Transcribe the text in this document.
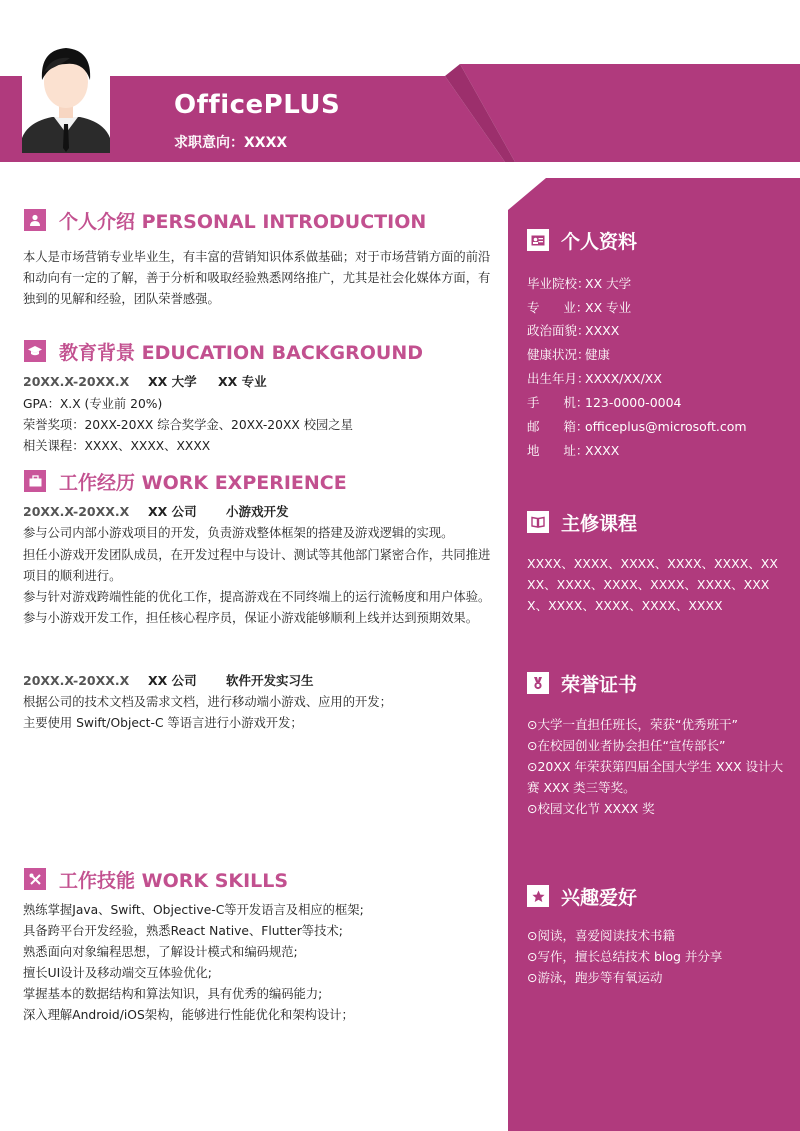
OfficePLUS
求职意向：XXXX
个人介绍 PERSONAL INTRODUCTION
本人是市场营销专业毕业生，有丰富的营销知识体系做基础；对于市场营销方面的前沿和动向有一定的了解，善于分析和吸取经验熟悉网络推广，尤其是社会化媒体方面，有独到的见解和经验，团队荣誉感强。
教育背景 EDUCATION BACKGROUND
20XX.X-20XX.X XX 大学 XX 专业
GPA：X.X (专业前 20%)
荣誉奖项：20XX-20XX 综合奖学金、20XX-20XX 校园之星
相关课程：XXXX、XXXX、XXXX
工作经历 WORK EXPERIENCE
20XX.X-20XX.X XX 公司 小游戏开发
参与公司内部小游戏项目的开发，负责游戏整体框架的搭建及游戏逻辑的实现。
担任小游戏开发团队成员，在开发过程中与设计、测试等其他部门紧密合作，共同推进
项目的顺利进行。
参与针对游戏跨端性能的优化工作，提高游戏在不同终端上的运行流畅度和用户体验。
参与小游戏开发工作，担任核心程序员，保证小游戏能够顺利上线并达到预期效果。
20XX.X-20XX.X XX 公司 软件开发实习生
根据公司的技术文档及需求文档，进行移动端小游戏、应用的开发；
主要使用 Swift/Object-C 等语言进行小游戏开发；
工作技能 WORK SKILLS
熟练掌握Java、Swift、Objective-C等开发语言及相应的框架;
具备跨平台开发经验，熟悉React Native、Flutter等技术;
熟悉面向对象编程思想，了解设计模式和编码规范;
擅长UI设计及移动端交互体验优化;
掌握基本的数据结构和算法知识，具有优秀的编码能力;
深入理解Android/iOS架构，能够进行性能优化和架构设计；
个人资料
毕业院校：XX 大学
专      业：XX 专业
政治面貌：XXXX
健康状况：健康
出生年月：XXXX/XX/XX
手      机：123-0000-0004
邮      箱：officeplus@microsoft.com
地      址：XXXX
主修课程
XXXX、XXXX、XXXX、XXXX、XXXX、XXXX、XXXX、XXXX、XXXX、XXXX、XXXX、XXXX、XXXX、XXXX、XXXX
荣誉证书
⊙大学一直担任班长，荣获“优秀班干”
⊙在校园创业者协会担任“宣传部长”
⊙20XX 年荣获第四届全国大学生 XXX 设计大赛 XXX 类三等奖。
⊙校园文化节 XXXX 奖
兴趣爱好
⊙阅读，喜爱阅读技术书籍
⊙写作，擅长总结技术 blog 并分享
⊙游泳，跑步等有氧运动
